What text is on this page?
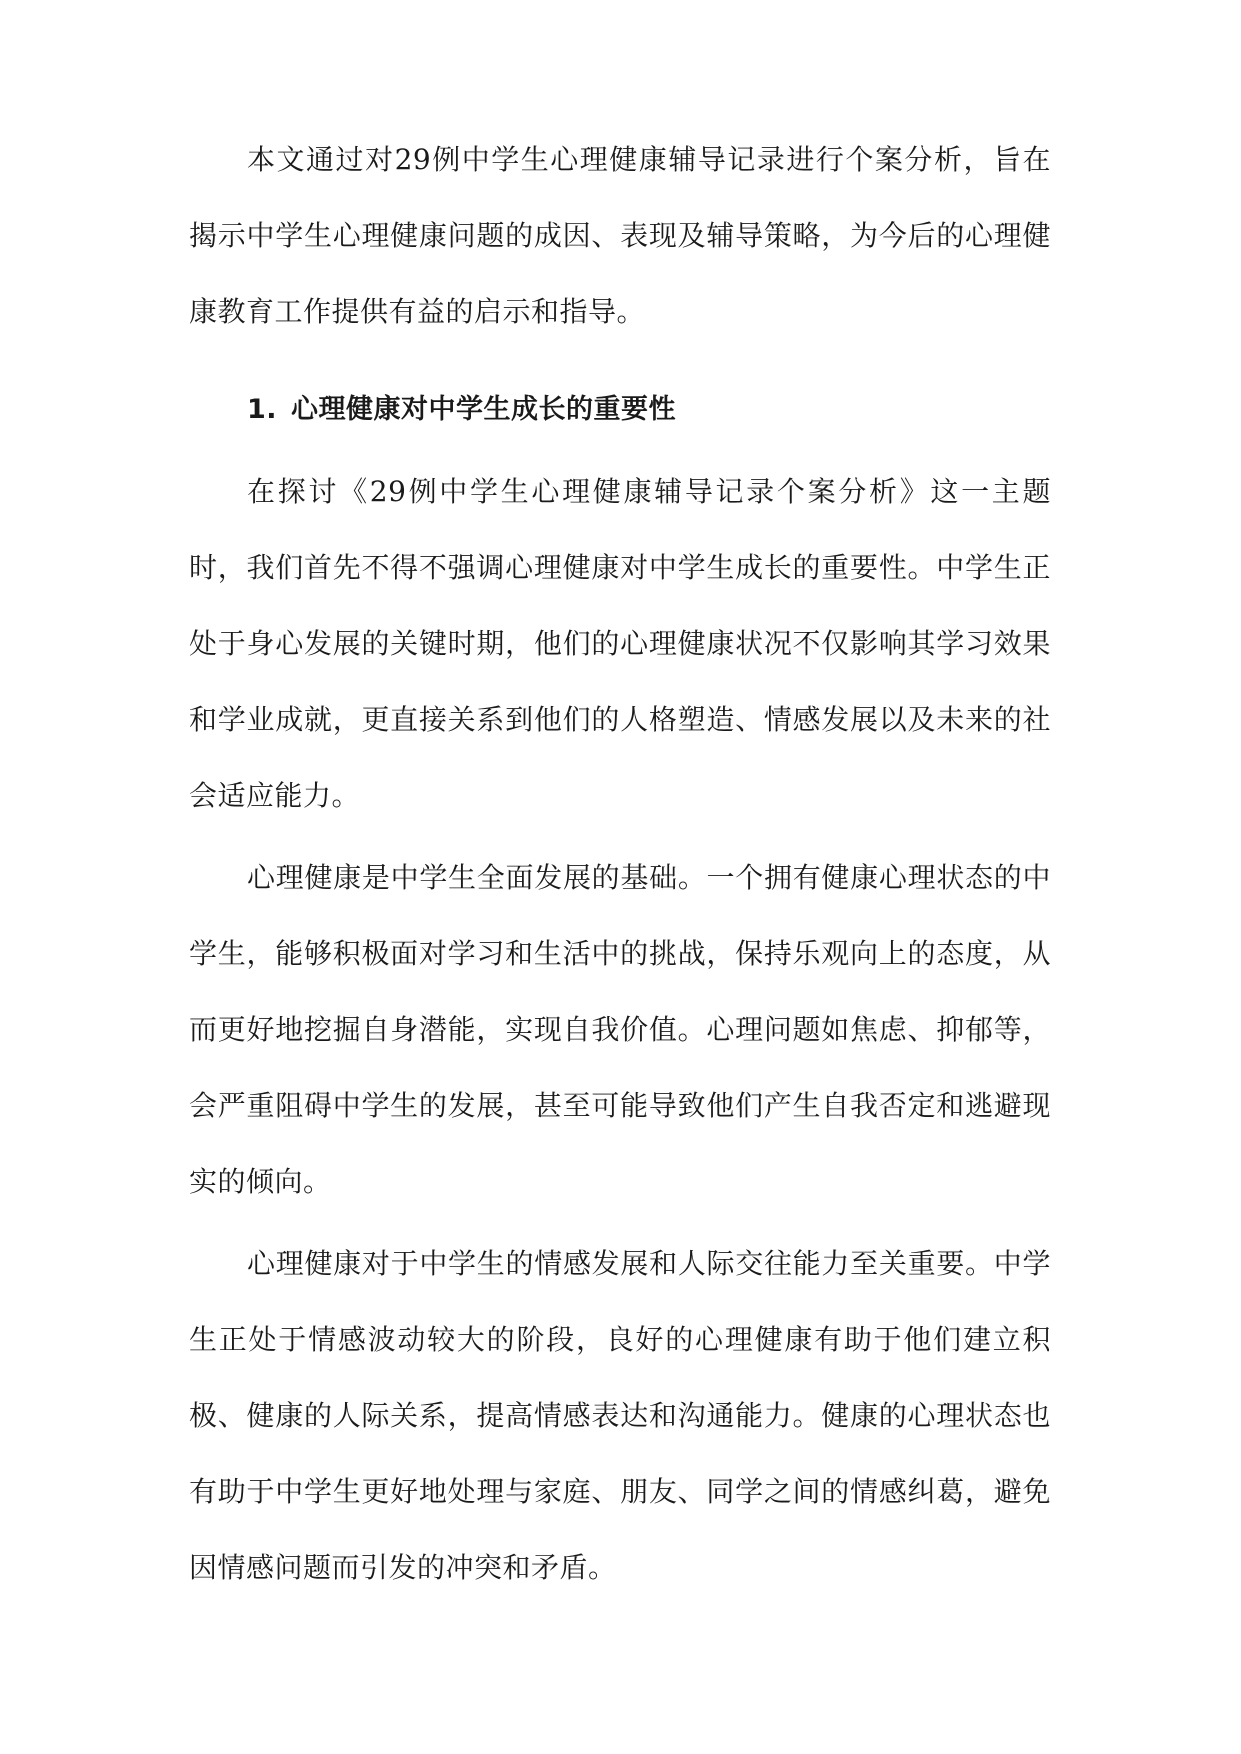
本文通过对29例中学生心理健康辅导记录进行个案分析，旨在揭示中学生心理健康问题的成因、表现及辅导策略，为今后的心理健康教育工作提供有益的启示和指导。

1. 心理健康对中学生成长的重要性

在探讨《29例中学生心理健康辅导记录个案分析》这一主题时，我们首先不得不强调心理健康对中学生成长的重要性。中学生正处于身心发展的关键时期，他们的心理健康状况不仅影响其学习效果和学业成就，更直接关系到他们的人格塑造、情感发展以及未来的社会适应能力。

心理健康是中学生全面发展的基础。一个拥有健康心理状态的中学生，能够积极面对学习和生活中的挑战，保持乐观向上的态度，从而更好地挖掘自身潜能，实现自我价值。心理问题如焦虑、抑郁等，会严重阻碍中学生的发展，甚至可能导致他们产生自我否定和逃避现实的倾向。

心理健康对于中学生的情感发展和人际交往能力至关重要。中学生正处于情感波动较大的阶段，良好的心理健康有助于他们建立积极、健康的人际关系，提高情感表达和沟通能力。健康的心理状态也有助于中学生更好地处理与家庭、朋友、同学之间的情感纠葛，避免因情感问题而引发的冲突和矛盾。
